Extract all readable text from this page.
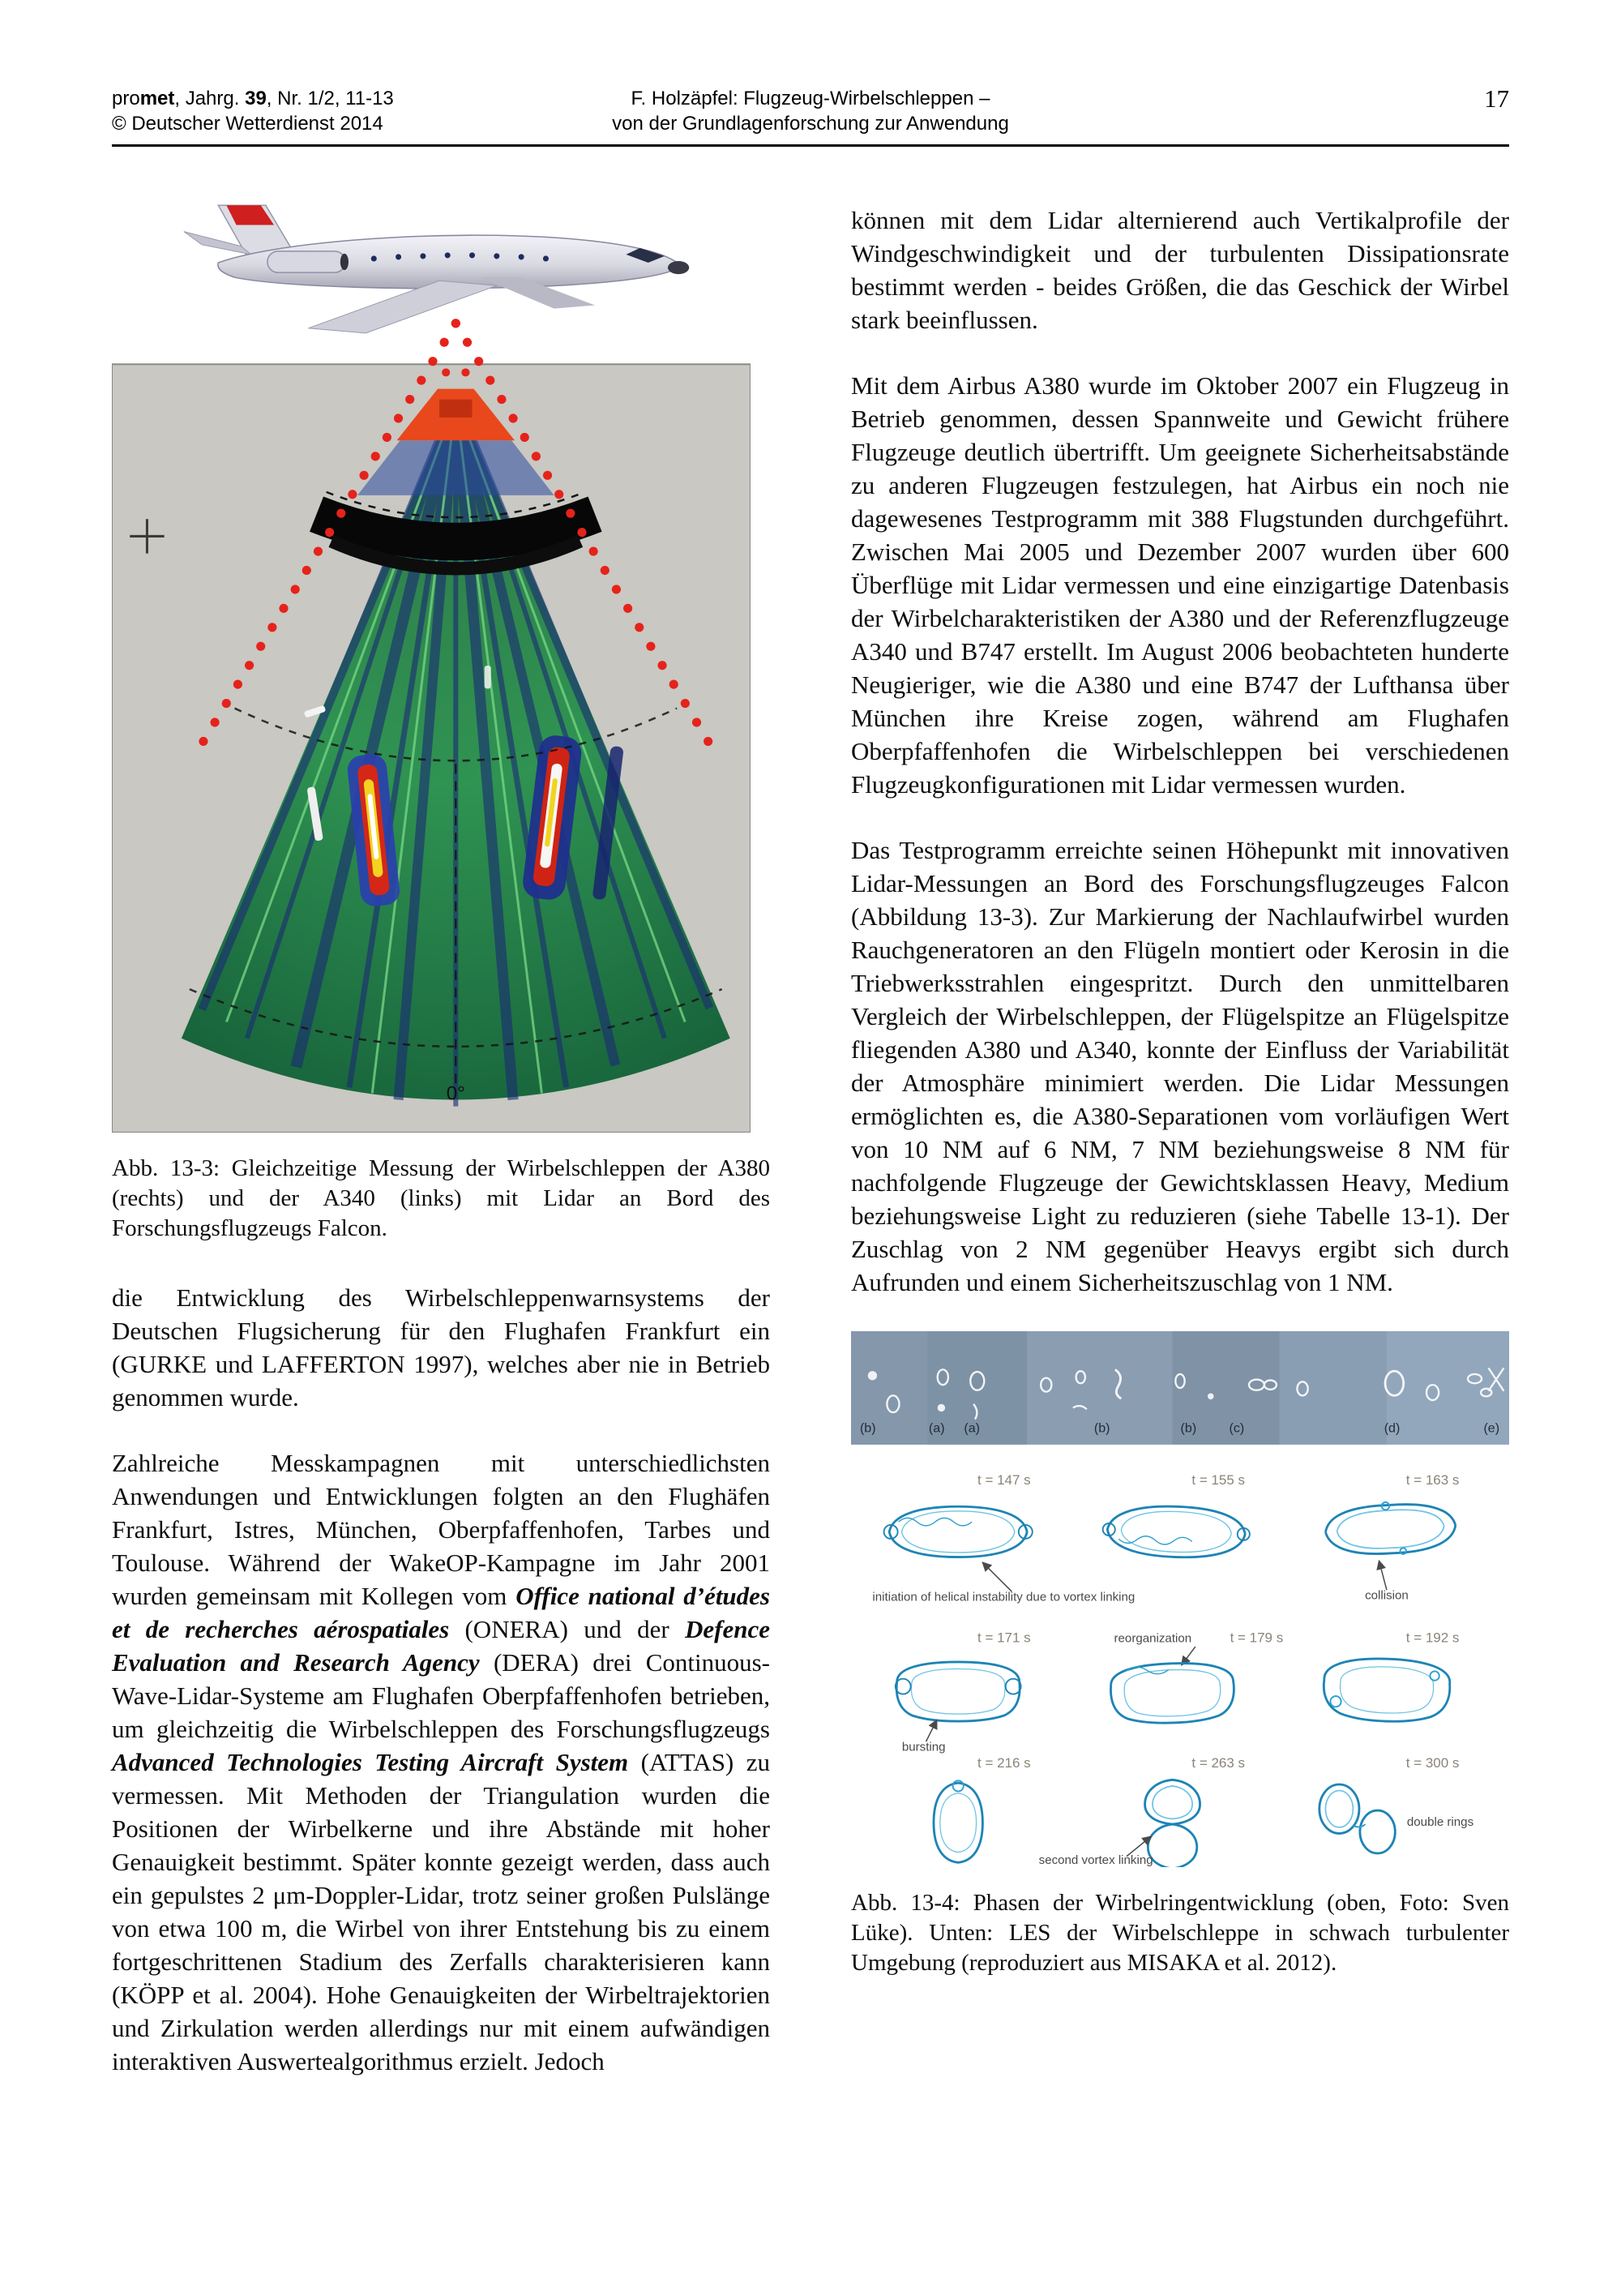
promet, Jahrg. 39, Nr. 1/2, 11-13
© Deutscher Wetterdienst 2014
F. Holzäpfel: Flugzeug-Wirbelschleppen –
von der Grundlagenforschung zur Anwendung
17
0°
Abb. 13-3: Gleichzeitige Messung der Wirbelschleppen der A380 (rechts) und der A340 (links) mit Lidar an Bord des Forschungsflugzeugs Falcon.

die Entwicklung des Wirbelschleppenwarnsystems der Deutschen Flugsicherung für den Flughafen Frankfurt ein (GURKE und LAFFERTON 1997), welches aber nie in Betrieb genommen wurde.

Zahlreiche Messkampagnen mit unterschiedlichsten Anwendungen und Entwicklungen folgten an den Flughäfen Frankfurt, Istres, München, Oberpfaffenhofen, Tarbes und Toulouse. Während der WakeOP-Kampagne im Jahr 2001 wurden gemeinsam mit Kollegen vom Office national d’études et de recherches aérospatiales (ONERA) und der Defence Evaluation and Research Agency (DERA) drei Continuous-Wave-Lidar-Systeme am Flughafen Oberpfaffenhofen betrieben, um gleichzeitig die Wirbelschleppen des Forschungsflugzeugs Advanced Technologies Testing Aircraft System (ATTAS) zu vermessen. Mit Methoden der Triangulation wurden die Positionen der Wirbelkerne und ihre Abstände mit hoher Genauigkeit bestimmt. Später konnte gezeigt werden, dass auch ein gepulstes 2 μm-Doppler-Lidar, trotz seiner großen Pulslänge von etwa 100 m, die Wirbel von ihrer Entstehung bis zu einem fortgeschrittenen Stadium des Zerfalls charakterisieren kann (KÖPP et al. 2004). Hohe Genauigkeiten der Wirbeltrajektorien und Zirkulation werden allerdings nur mit einem aufwändigen interaktiven Auswertealgorithmus erzielt. Jedoch

können mit dem Lidar alternierend auch Vertikalprofile der Windgeschwindigkeit und der turbulenten Dissipationsrate bestimmt werden - beides Größen, die das Geschick der Wirbel stark beeinflussen.

Mit dem Airbus A380 wurde im Oktober 2007 ein Flugzeug in Betrieb genommen, dessen Spannweite und Gewicht frühere Flugzeuge deutlich übertrifft. Um geeignete Sicherheitsabstände zu anderen Flugzeugen festzulegen, hat Airbus ein noch nie dagewesenes Testprogramm mit 388 Flugstunden durchgeführt. Zwischen Mai 2005 und Dezember 2007 wurden über 600 Überflüge mit Lidar vermessen und eine einzigartige Datenbasis der Wirbelcharakteristiken der A380 und der Referenzflugzeuge A340 und B747 erstellt. Im August 2006 beobachteten hunderte Neugieriger, wie die A380 und eine B747 der Lufthansa über München ihre Kreise zogen, während am Flughafen Oberpfaffenhofen die Wirbelschleppen bei verschiedenen Flugzeugkonfigurationen mit Lidar vermessen wurden.

Das Testprogramm erreichte seinen Höhepunkt mit innovativen Lidar-Messungen an Bord des Forschungsflugzeuges Falcon (Abbildung 13-3). Zur Markierung der Nachlaufwirbel wurden Rauchgeneratoren an den Flügeln montiert oder Kerosin in die Triebwerksstrahlen eingespritzt. Durch den unmittelbaren Vergleich der Wirbelschleppen, der Flügelspitze an Flügelspitze fliegenden A380 und A340, konnte der Einfluss der Variabilität der Atmosphäre minimiert werden. Die Lidar Messungen ermöglichten es, die A380-Separationen vom vorläufigen Wert von 10 NM auf 6 NM, 7 NM beziehungsweise 8 NM für nachfolgende Flugzeuge der Gewichtsklassen Heavy, Medium beziehungsweise Light zu reduzieren (siehe Tabelle 13-1). Der Zuschlag von 2 NM gegenüber Heavys ergibt sich durch Aufrunden und einem Sicherheitszuschlag von 1 NM.

(b)	(a) (a)	(b)	(b) (c)	(d)	(e)
t = 147 s	t = 155 s	t = 163 s
initiation of helical instability due to vortex linking	collision
t = 171 s	reorganization	t = 179 s	t = 192 s
bursting
t = 216 s	t = 263 s	t = 300 s
second vortex linking
double rings
Abb. 13-4: Phasen der Wirbelringentwicklung (oben, Foto: Sven Lüke). Unten: LES der Wirbelschleppe in schwach turbulenter Umgebung (reproduziert aus MISAKA et al. 2012).
